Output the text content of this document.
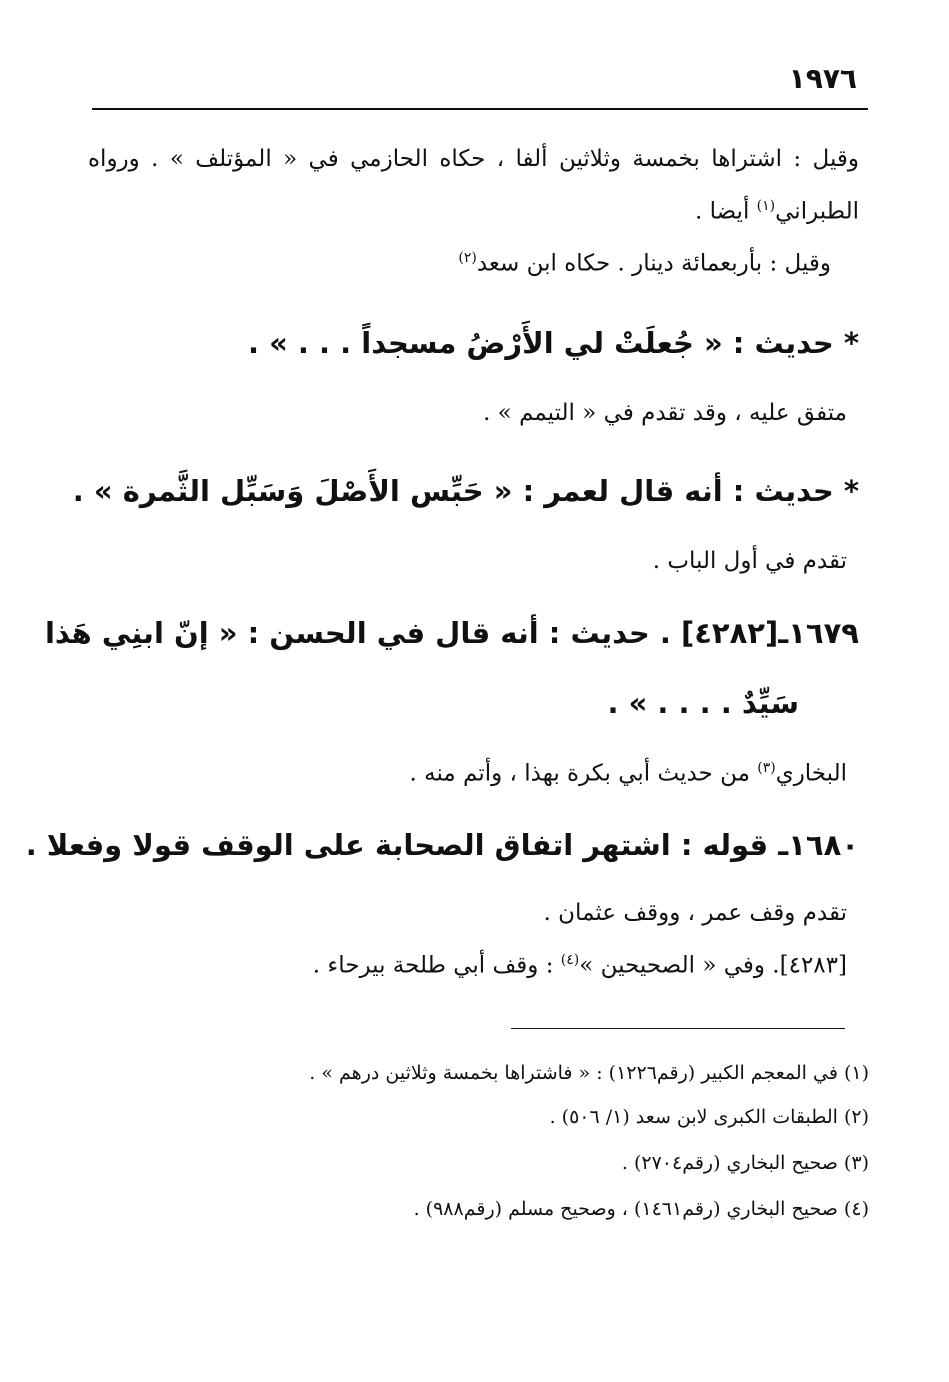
١٩٧٦
وقيل : اشتراها بخمسة وثلاثين ألفا ، حكاه الحازمي في « المؤتلف » . ورواه
الطبراني$^{(١)}$ أيضا .
وقيل : بأربعمائة دينار . حكاه ابن سعد$^{(٢)}$
* حديث : « جُعلَتْ لي الأَرْضُ مسجداً . . . » .
متفق عليه ، وقد تقدم في « التيمم » .
* حديث : أنه قال لعمر : « حَبِّس الأَصْلَ وَسَبِّل الثَّمرة » .
تقدم في أول الباب .
١٦٧٩ـ[٤٢٨٢] . حديث : أنه قال في الحسن : « إنّ ابنِي هَذا
سَيِّدٌ . . . . » .
البخاري$^{(٣)}$ من حديث أبي بكرة بهذا ، وأتم منه .
١٦٨٠ـ قوله : اشتهر اتفاق الصحابة على الوقف قولا وفعلا .
تقدم وقف عمر ، ووقف عثمان .
[٤٢٨٣]. وفي « الصحيحين »$^{(٤)}$ : وقف أبي طلحة بيرحاء .
(١) في المعجم الكبير (رقم١٢٢٦) : « فاشتراها بخمسة وثلاثين درهم » .
(٢) الطبقات الكبرى لابن سعد (١/ ٥٠٦) .
(٣) صحيح البخاري (رقم٢٧٠٤) .
(٤) صحيح البخاري (رقم١٤٦١) ، وصحيح مسلم (رقم٩٨٨) .
